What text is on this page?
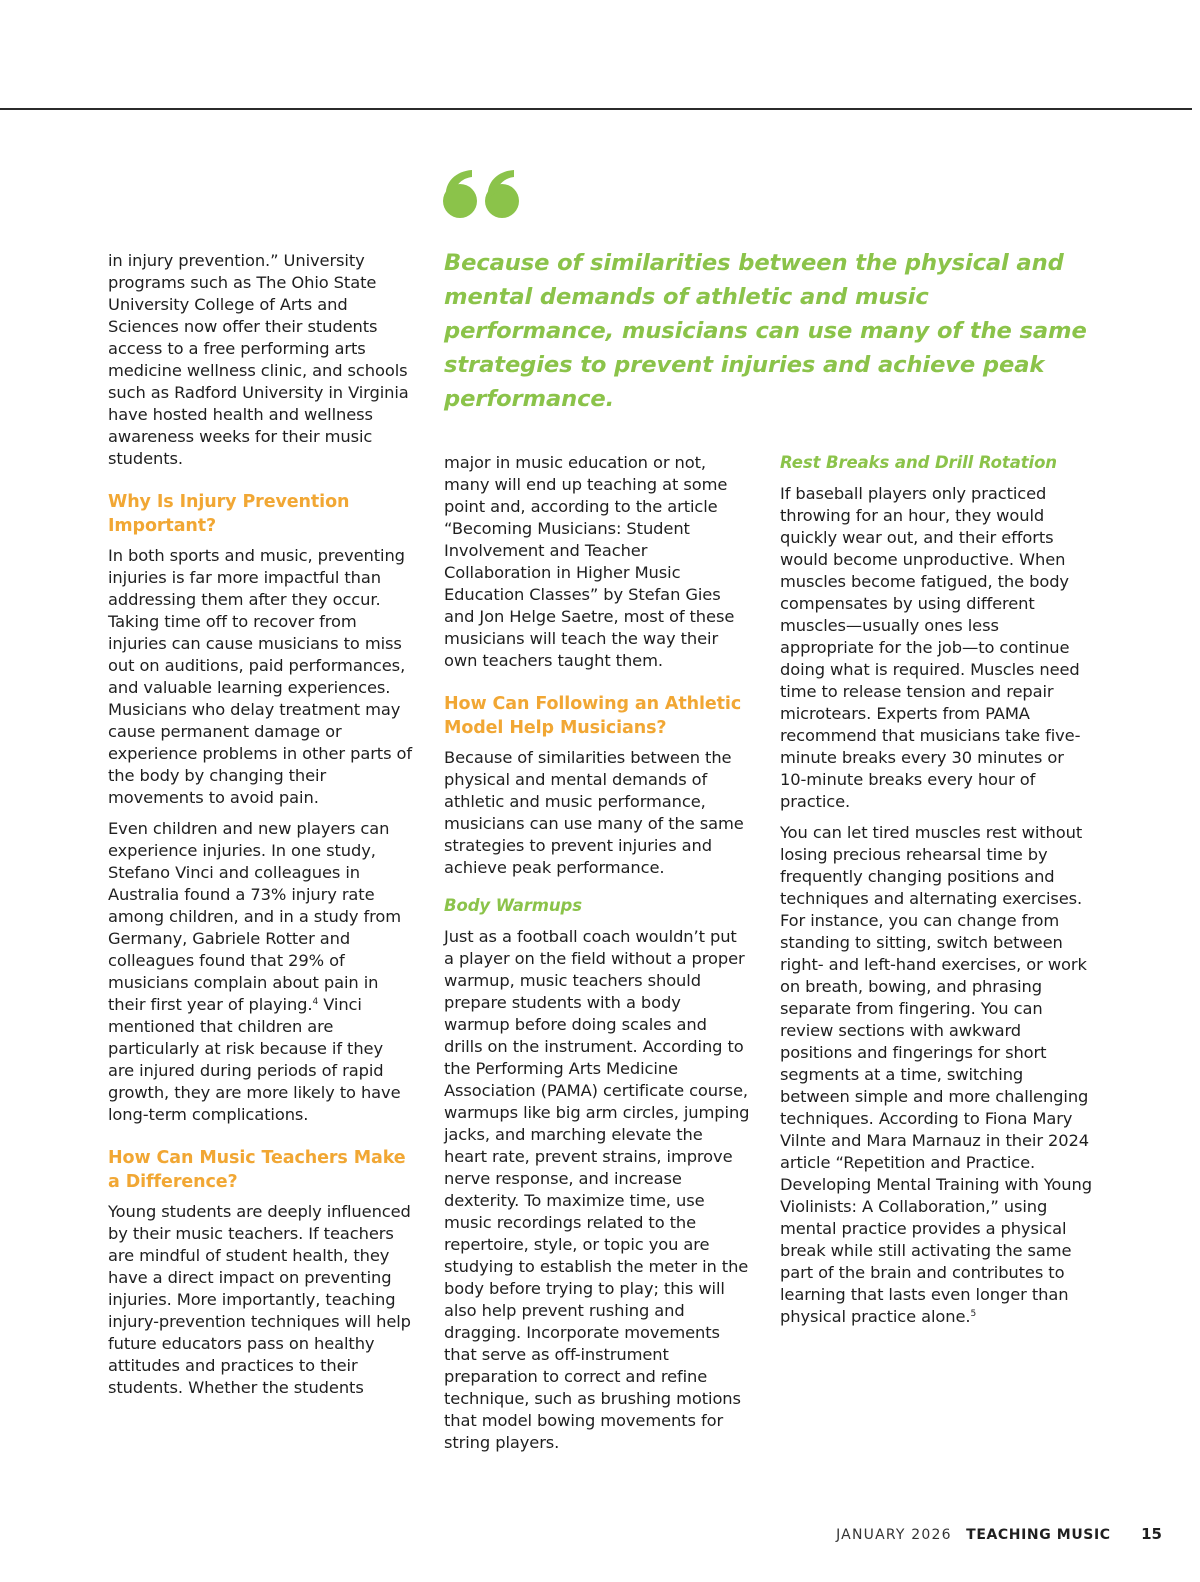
Because of similarities between the physical and mental demands of athletic and music performance, musicians can use many of the same strategies to prevent injuries and achieve peak performance.

in injury prevention.” University programs such as The Ohio State University College of Arts and Sciences now offer their students access to a free performing arts medicine wellness clinic, and schools such as Radford University in Virginia have hosted health and wellness awareness weeks for their music students.

Why Is Injury Prevention Important?

In both sports and music, preventing injuries is far more impactful than addressing them after they occur. Taking time off to recover from injuries can cause musicians to miss out on auditions, paid performances, and valuable learning experiences. Musicians who delay treatment may cause permanent damage or experience problems in other parts of the body by changing their movements to avoid pain.

Even children and new players can experience injuries. In one study, Stefano Vinci and colleagues in Australia found a 73% injury rate among children, and in a study from Germany, Gabriele Rotter and colleagues found that 29% of musicians complain about pain in their first year of playing.$^4$ Vinci mentioned that children are particularly at risk because if they are injured during periods of rapid growth, they are more likely to have long-term complications.

How Can Music Teachers Make a Difference?

Young students are deeply influenced by their music teachers. If teachers are mindful of student health, they have a direct impact on preventing injuries. More importantly, teaching injury-prevention techniques will help future educators pass on healthy attitudes and practices to their students. Whether the students

major in music education or not, many will end up teaching at some point and, according to the article “Becoming Musicians: Student Involvement and Teacher Collaboration in Higher Music Education Classes” by Stefan Gies and Jon Helge Saetre, most of these musicians will teach the way their own teachers taught them.

How Can Following an Athletic Model Help Musicians?

Because of similarities between the physical and mental demands of athletic and music performance, musicians can use many of the same strategies to prevent injuries and achieve peak performance.

Body Warmups

Just as a football coach wouldn’t put a player on the field without a proper warmup, music teachers should prepare students with a body warmup before doing scales and drills on the instrument. According to the Performing Arts Medicine Association (PAMA) certificate course, warmups like big arm circles, jumping jacks, and marching elevate the heart rate, prevent strains, improve nerve response, and increase dexterity. To maximize time, use music recordings related to the repertoire, style, or topic you are studying to establish the meter in the body before trying to play; this will also help prevent rushing and dragging. Incorporate movements that serve as off-instrument preparation to correct and refine technique, such as brushing motions that model bowing movements for string players.

Rest Breaks and Drill Rotation

If baseball players only practiced throwing for an hour, they would quickly wear out, and their efforts would become unproductive. When muscles become fatigued, the body compensates by using different muscles—usually ones less appropriate for the job—to continue doing what is required. Muscles need time to release tension and repair microtears. Experts from PAMA recommend that musicians take five-minute breaks every 30 minutes or 10-minute breaks every hour of practice.

You can let tired muscles rest without losing precious rehearsal time by frequently changing positions and techniques and alternating exercises. For instance, you can change from standing to sitting, switch between right- and left-hand exercises, or work on breath, bowing, and phrasing separate from fingering. You can review sections with awkward positions and fingerings for short segments at a time, switching between simple and more challenging techniques. According to Fiona Mary Vilnte and Mara Marnauz in their 2024 article “Repetition and Practice. Developing Mental Training with Young Violinists: A Collaboration,” using mental practice provides a physical break while still activating the same part of the brain and contributes to learning that lasts even longer than physical practice alone.$^5$

JANUARY 2026 TEACHING MUSIC 15
